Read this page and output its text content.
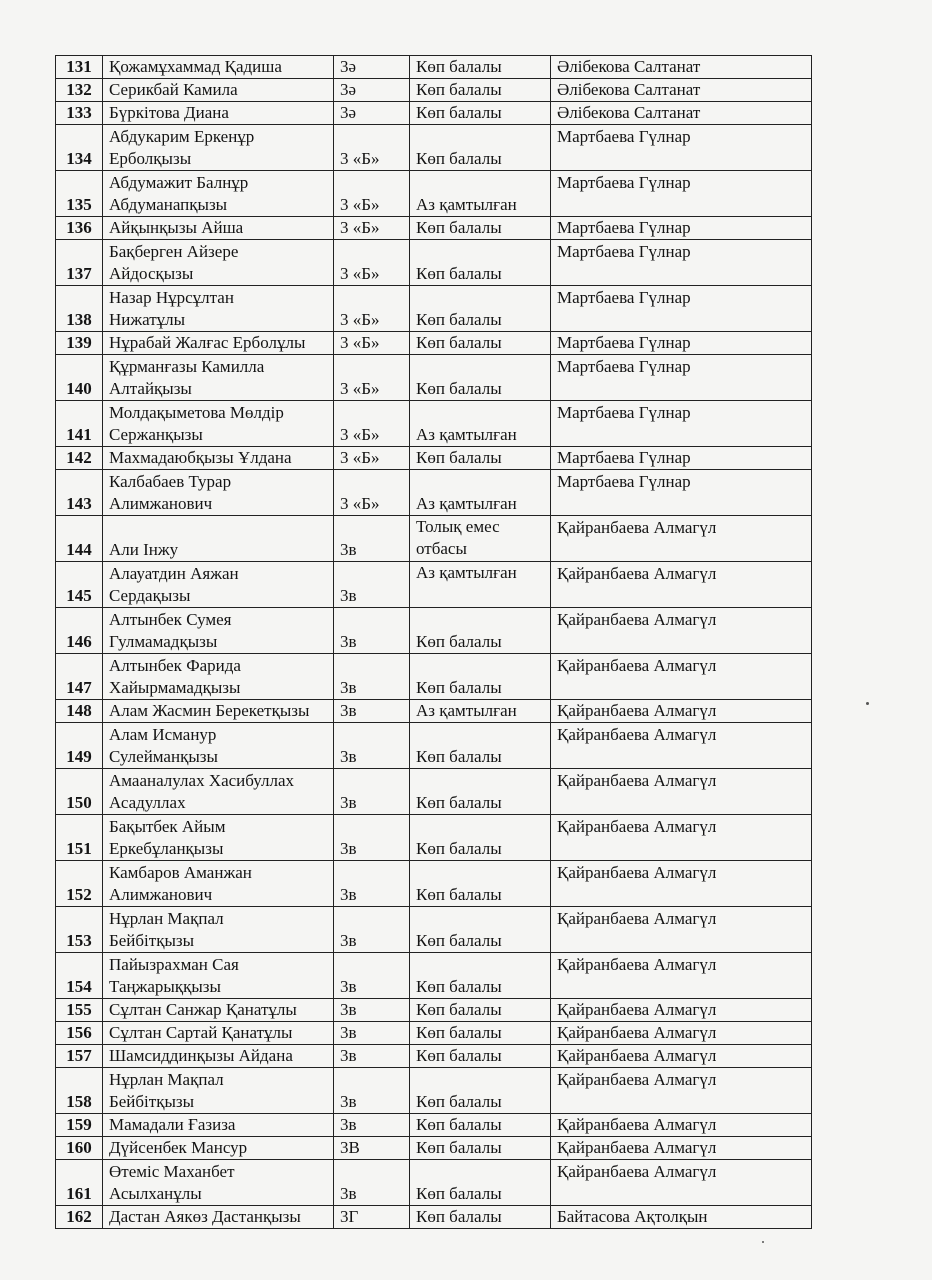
131	Қожамұхаммад Қадиша	3ә	Көп балалы	Әлібекова Салтанат
132	Серикбай Камила	3ә	Көп балалы	Әлібекова Салтанат
133	Бүркітова Диана	3ә	Көп балалы	Әлібекова Салтанат
134	Абдукарим Еркенұр
Ерболқызы	3 «Б»	Көп балалы	Мартбаева Гүлнар
135	Абдумажит Балнұр
Абдуманапқызы	3 «Б»	Аз қамтылған	Мартбаева Гүлнар
136	Айқынқызы Айша	3 «Б»	Көп балалы	Мартбаева Гүлнар
137	Бақберген Айзере
Айдосқызы	3 «Б»	Көп балалы	Мартбаева Гүлнар
138	Назар Нұрсұлтан
Нижатұлы	3 «Б»	Көп балалы	Мартбаева Гүлнар
139	Нұрабай Жалғас Ерболұлы	3 «Б»	Көп балалы	Мартбаева Гүлнар
140	Құрманғазы Камилла
Алтайқызы	3 «Б»	Көп балалы	Мартбаева Гүлнар
141	Молдақыметова Мөлдір
Сержанқызы	3 «Б»	Аз қамтылған	Мартбаева Гүлнар
142	Махмадаюбқызы Ұлдана	3 «Б»	Көп балалы	Мартбаева Гүлнар
143	Калбабаев Турар
Алимжанович	3 «Б»	Аз қамтылған	Мартбаева Гүлнар
144	Али Інжу	3в	Толық емес отбасы	Қайранбаева Алмагүл
145	Алауатдин Аяжан
Сердақызы	3в	Аз қамтылған	Қайранбаева Алмагүл
146	Алтынбек Сумея
Гулмамадқызы	3в	Көп балалы	Қайранбаева Алмагүл
147	Алтынбек Фарида
Хайырмамадқызы	3в	Көп балалы	Қайранбаева Алмагүл
148	Алам Жасмин Берекетқызы	3в	Аз қамтылған	Қайранбаева Алмагүл
149	Алам Исманур
Сулейманқызы	3в	Көп балалы	Қайранбаева Алмагүл
150	Амааналулах Хасибуллах
Асадуллах	3в	Көп балалы	Қайранбаева Алмагүл
151	Бақытбек Айым
Еркебұланқызы	3в	Көп балалы	Қайранбаева Алмагүл
152	Камбаров Аманжан
Алимжанович	3в	Көп балалы	Қайранбаева Алмагүл
153	Нұрлан Мақпал
Бейбітқызы	3в	Көп балалы	Қайранбаева Алмагүл
154	Пайызрахман Сая
Таңжарыққызы	3в	Көп балалы	Қайранбаева Алмагүл
155	Сұлтан Санжар Қанатұлы	3в	Көп балалы	Қайранбаева Алмагүл
156	Сұлтан Сартай Қанатұлы	3в	Көп балалы	Қайранбаева Алмагүл
157	Шамсиддинқызы Айдана	3в	Көп балалы	Қайранбаева Алмагүл
158	Нұрлан Мақпал
Бейбітқызы	3в	Көп балалы	Қайранбаева Алмагүл
159	Мамадали Ғазиза	3в	Көп балалы	Қайранбаева Алмагүл
160	Дүйсенбек Мансур	3В	Көп балалы	Қайранбаева Алмагүл
161	Өтеміс Маханбет
Асылханұлы	3в	Көп балалы	Қайранбаева Алмагүл
162	Дастан Аякөз Дастанқызы	3Г	Көп балалы	Байтасова Ақтолқын
